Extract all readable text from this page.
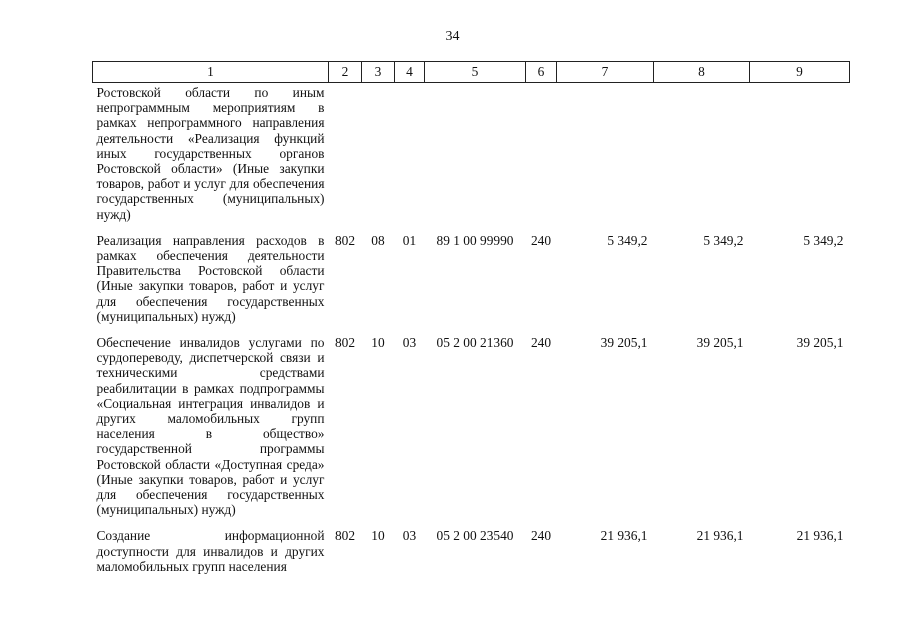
34
1	2	3	4	5	6	7	8	9
Ростовской области по иным непрограммным мероприятиям в рамках непрограммного направления деятельности «Реализация функций иных государственных органов Ростовской области» (Иные закупки товаров, работ и услуг для обеспечения государственных (муниципальных) нужд)								
Реализация направления расходов в рамках обеспечения деятельности Правительства Ростовской области (Иные закупки товаров, работ и услуг для обеспечения государственных (муниципальных) нужд)	802	08	01	89 1 00 99990	240	5 349,2	5 349,2	5 349,2
Обеспечение инвалидов услугами по сурдопереводу, диспетчерской связи и техническими средствами реабилитации в рамках подпрограммы «Социальная интеграция инвалидов и других маломобильных групп населения в общество» государственной программы Ростовской области «Доступная среда» (Иные закупки товаров, работ и услуг для обеспечения государственных (муниципальных) нужд)	802	10	03	05 2 00 21360	240	39 205,1	39 205,1	39 205,1
Создание информационной доступности для инвалидов и других маломобильных групп населения	802	10	03	05 2 00 23540	240	21 936,1	21 936,1	21 936,1
